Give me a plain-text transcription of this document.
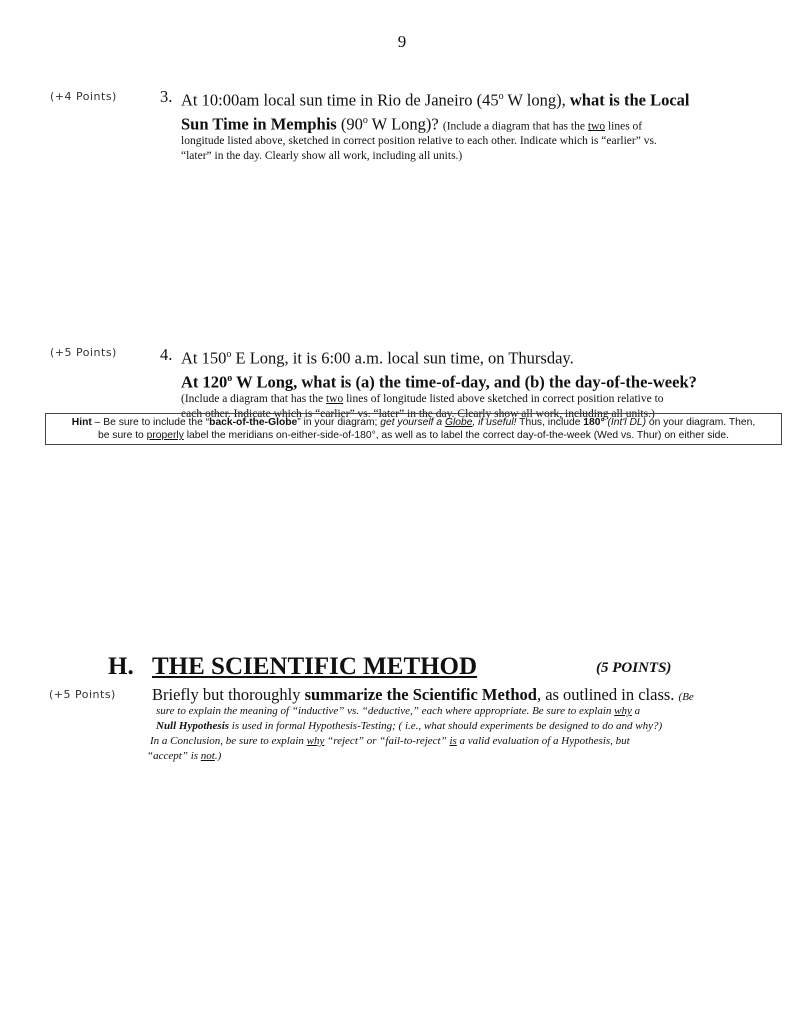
9
(+4 Points)	3. At 10:00am local sun time in Rio de Janeiro (45$^o$ W long), what is the Local
Sun Time in Memphis (90$^o$ W Long)? (Include a diagram that has the two lines of
longitude listed above, sketched in correct position relative to each other. Indicate which is “earlier” vs.
“later” in the day. Clearly show all work, including all units.)
(+5 Points)	4. At 150$^o$ E Long, it is 6:00 a.m. local sun time, on Thursday.
At 120$^o$ W Long, what is (a) the time-of-day, and (b) the day-of-the-week?
(Include a diagram that has the two lines of longitude listed above sketched in correct position relative to
each other. Indicate which is “earlier” vs. “later” in the day. Clearly show all work, including all units.)
Hint – Be sure to include the “back-of-the-Globe” in your diagram; get yourself a Globe, if useful! Thus, include 180° (Int'l DL) on your diagram. Then,
be sure to properly label the meridians on-either-side-of-180°, as well as to label the correct day-of-the-week (Wed vs. Thur) on either side.
H. THE SCIENTIFIC METHOD	(5 POINTS)
(+5 Points) Briefly but thoroughly summarize the Scientific Method, as outlined in class. (Be
sure to explain the meaning of “inductive” vs. “deductive,” each where appropriate. Be sure to explain why a
Null Hypothesis is used in formal Hypothesis-Testing; ( i.e., what should experiments be designed to do and why?)
In a Conclusion, be sure to explain why “reject” or “fail-to-reject” is a valid evaluation of a Hypothesis, but
“accept” is not.)
